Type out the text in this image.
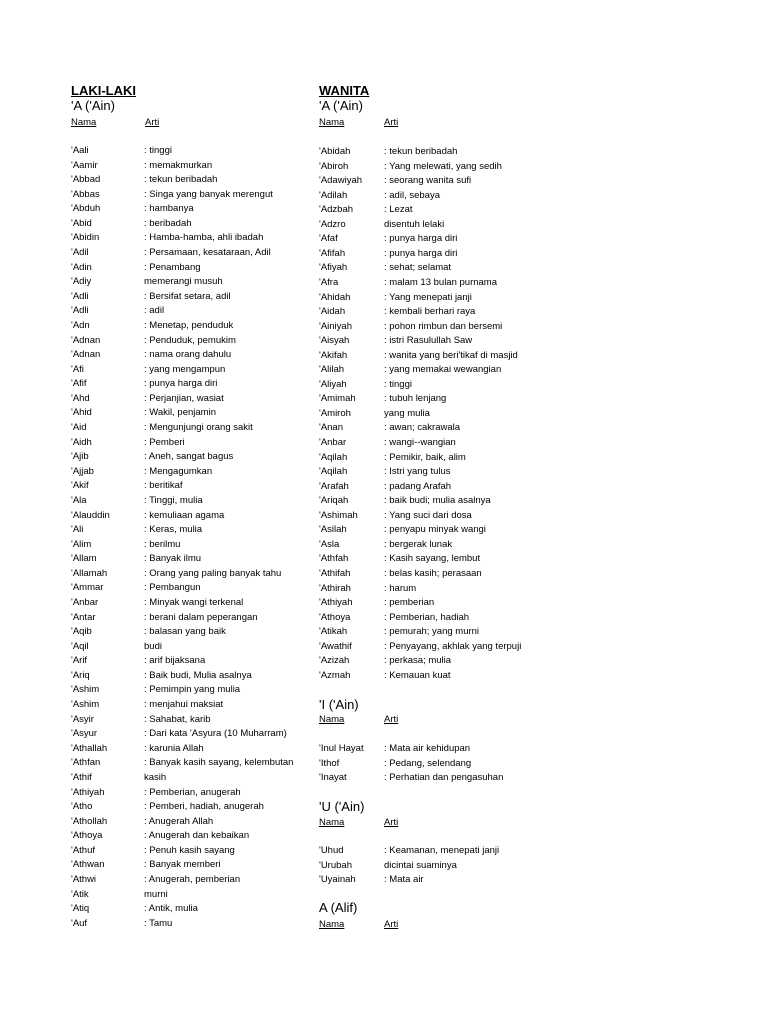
LAKI-LAKI
'A ('Ain)
Nama	Arti
'Aali	: tinggi
'Aamir	: memakmurkan
'Abbad	: tekun beribadah
'Abbas	: Singa yang banyak merengut
'Abduh	: hambanya
'Abid	: beribadah
'Abidin	: Hamba-hamba, ahli ibadah
'Adil	: Persamaan, kesataraan, Adil
'Adin	: Penambang
'Adiy	memerangi musuh
'Adli	: Bersifat setara, adil
'Adli	: adil
'Adn	: Menetap, penduduk
'Adnan	: Penduduk, pemukim
'Adnan	: nama orang dahulu
'Afi	: yang mengampun
'Afif	: punya harga diri
'Ahd	: Perjanjian, wasiat
'Ahid	: Wakil, penjamin
'Aid	: Mengunjungi orang sakit
'Aidh	: Pemberi
'Ajib	: Aneh, sangat bagus
'Ajjab	: Mengagumkan
'Akif	: beritikaf
'Ala	: Tinggi, mulia
'Alauddin	: kemuliaan agama
'Ali	: Keras, mulia
'Alim	: berilmu
'Allam	: Banyak ilmu
'Allamah	: Orang yang paling banyak tahu
'Ammar	: Pembangun
'Anbar	: Minyak wangi terkenal
'Antar	: berani dalam peperangan
'Aqib	: balasan yang baik
'Aqil	budi
'Arif	: arif bijaksana
'Ariq	: Baik budi, Mulia asalnya
'Ashim	: Pemimpin yang mulia
'Ashim	: menjahui maksiat
'Asyir	: Sahabat, karib
'Asyur	: Dari kata 'Asyura (10 Muharram)
'Athallah	: karunia Allah
'Athfan	: Banyak kasih sayang, kelembutan
'Athif	kasih
'Athiyah	: Pemberian, anugerah
'Atho	: Pemberi, hadiah, anugerah
'Athollah	: Anugerah Allah
'Athoya	: Anugerah dan kebaikan
'Athuf	: Penuh kasih sayang
'Athwan	: Banyak memberi
'Athwi	: Anugerah, pemberian
'Atik	murni
'Atiq	: Antik, mulia
'Auf	: Tamu
WANITA
'A ('Ain)
Nama	Arti
'Abidah	: tekun beribadah
'Abiroh	: Yang melewati, yang sedih
'Adawiyah : seorang wanita sufi
'Adilah	: adil, sebaya
'Adzbah	: Lezat
'Adzro	disentuh lelaki
'Afaf	: punya harga diri
'Afifah	: punya harga diri
'Afiyah	: sehat; selamat
'Afra	: malam 13 bulan purnama
'Ahidah	: Yang menepati janji
'Aidah	: kembali berhari raya
'Ainiyah	: pohon rimbun dan bersemi
'Aisyah	: istri Rasulullah Saw
'Akifah	: wanita yang beri'tikaf di masjid
'Alilah	: yang memakai wewangian
'Aliyah	: tinggi
'Amimah	: tubuh lenjang
'Amiroh	yang mulia
'Anan	: awan; cakrawala
'Anbar	: wangi--wangian
'Aqilah	: Pemikir, baik, alim
'Aqilah	: Istri yang tulus
'Arafah	: padang Arafah
'Ariqah	: baik budi; mulia asalnya
'Ashimah	: Yang suci dari dosa
'Asilah	: penyapu minyak wangi
'Asla	: bergerak lunak
'Athfah	: Kasih sayang, lembut
'Athifah	: belas kasih; perasaan
'Athirah	: harum
'Athiyah	: pemberian
'Athoya	: Pemberian, hadiah
'Atikah	: pemurah; yang murni
'Awathif	: Penyayang, akhlak yang terpuji
'Azizah	: perkasa; mulia
'Azmah	: Kemauan kuat
'I ('Ain)
Nama	Arti
'Inul Hayat : Mata air kehidupan
'Ithof	: Pedang, selendang
'Inayat	: Perhatian dan pengasuhan
'U ('Ain)
Nama	Arti
'Uhud	: Keamanan, menepati janji
'Urubah	dicintai suaminya
'Uyainah	: Mata air
A (Alif)
Nama	Arti
